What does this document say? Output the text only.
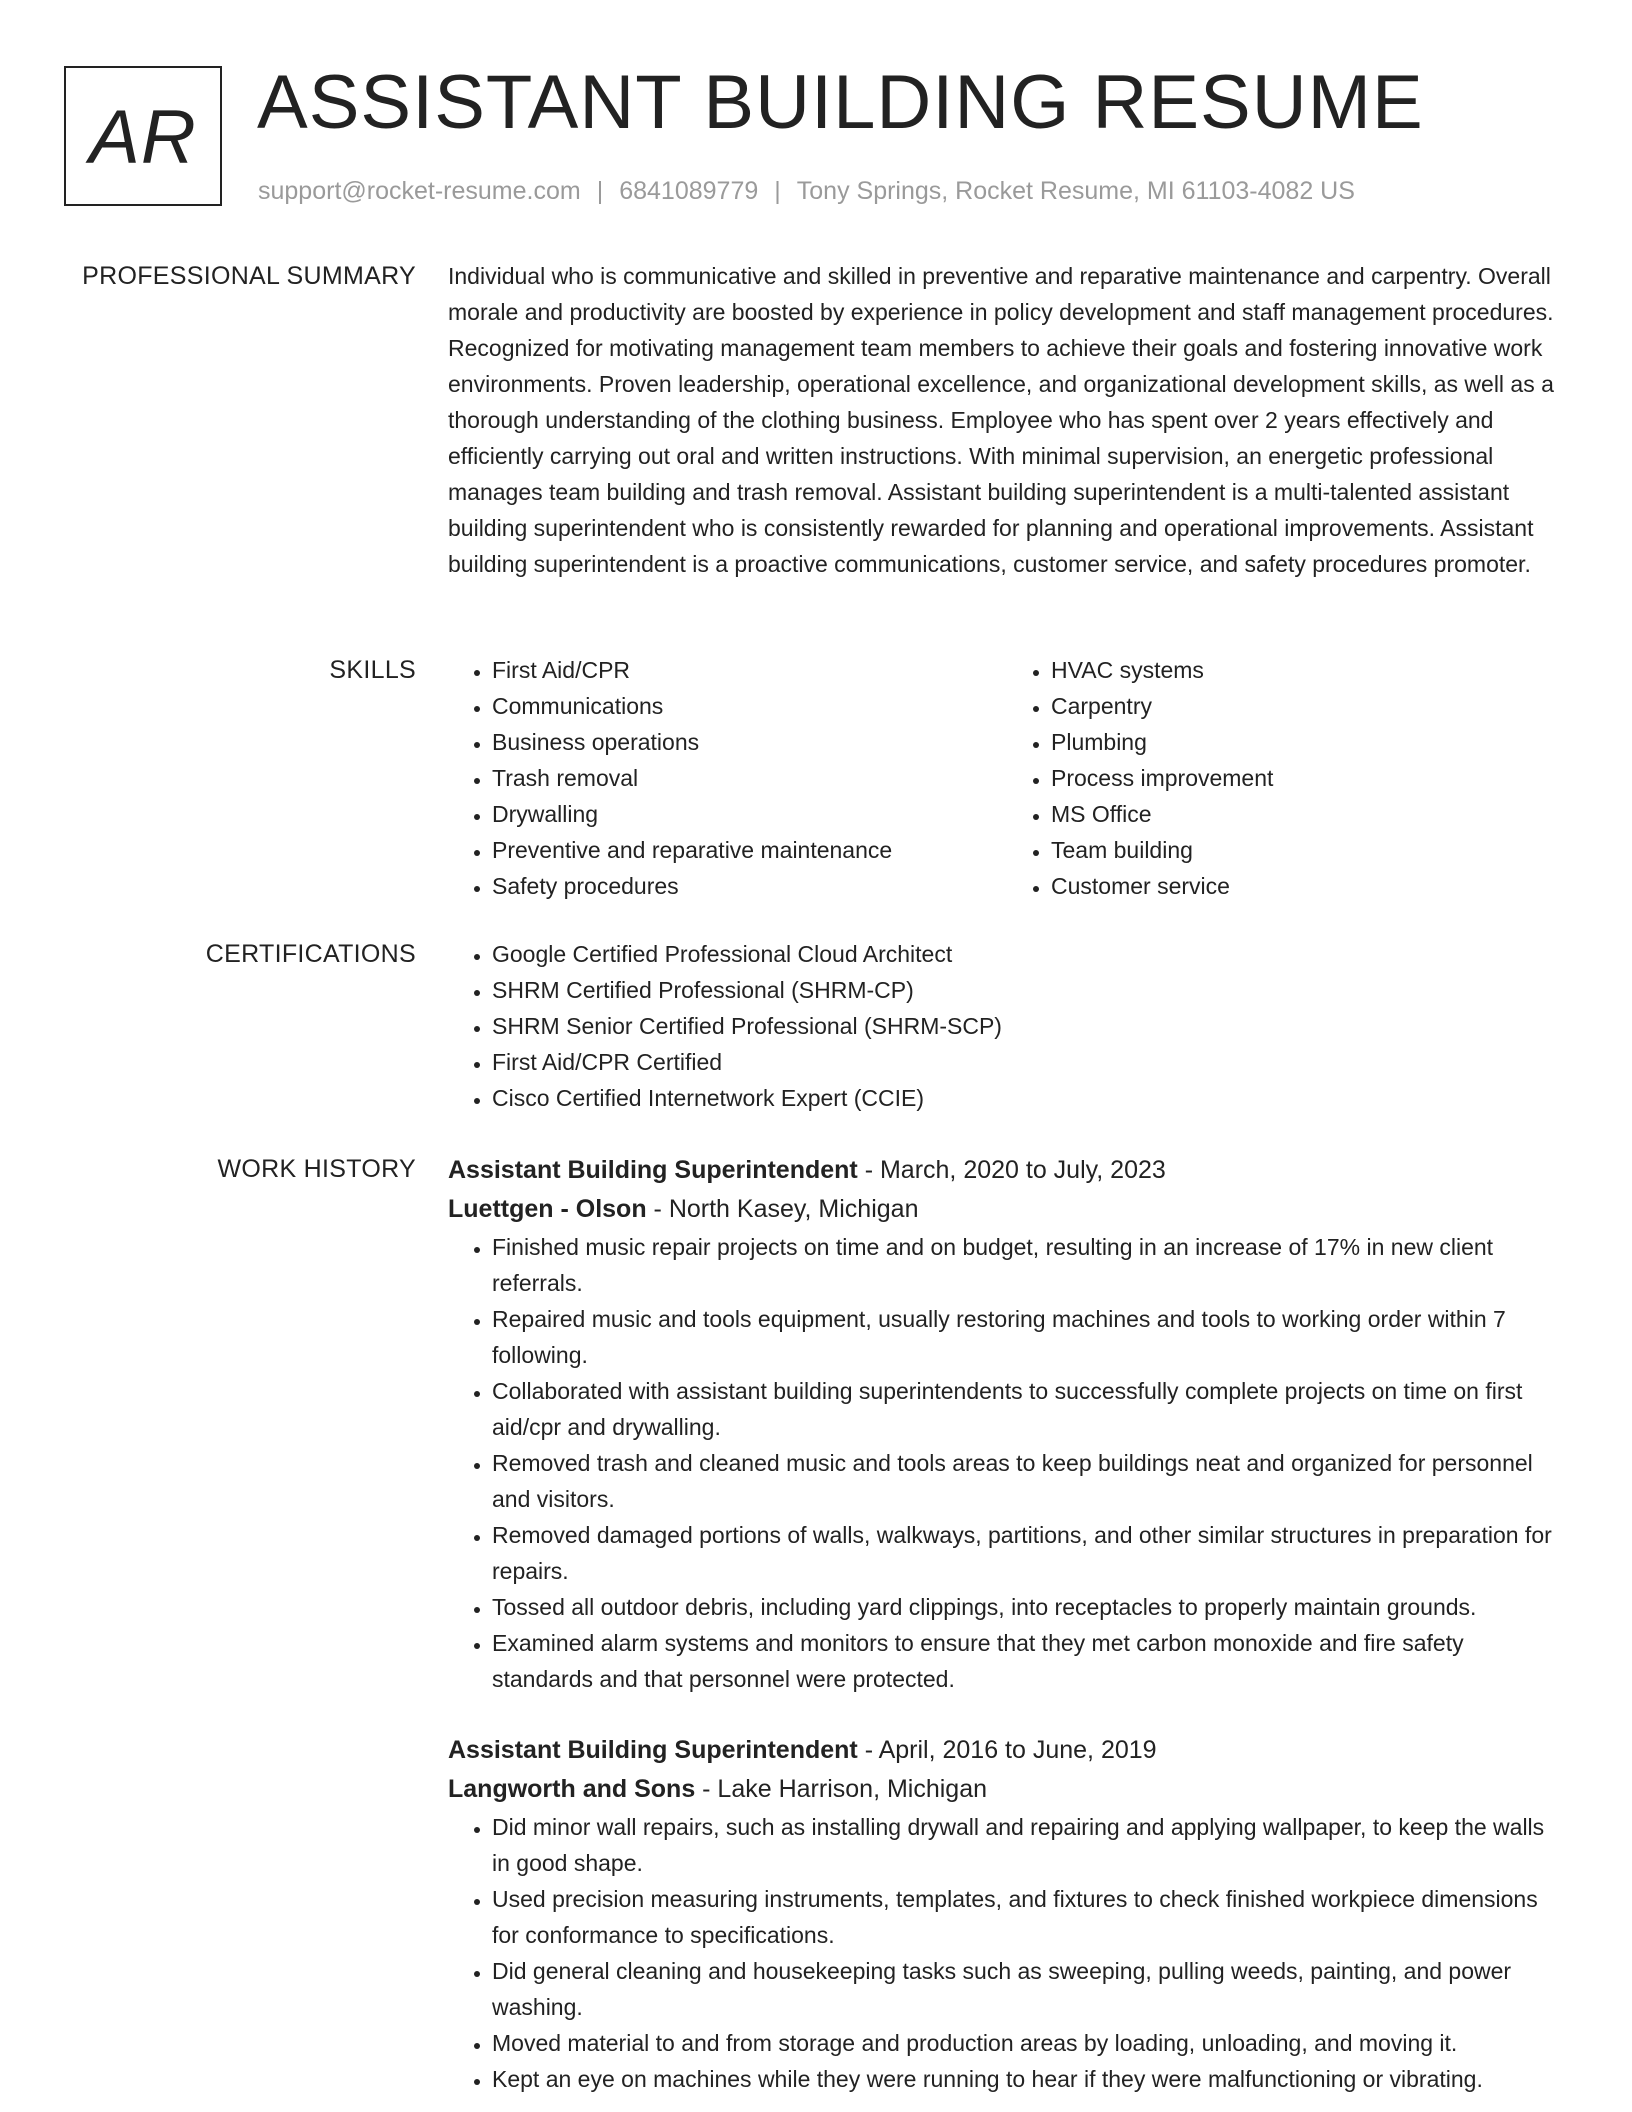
AR ASSISTANT BUILDING RESUME
support@rocket-resume.com | 6841089779 | Tony Springs, Rocket Resume, MI 61103-4082 US
PROFESSIONAL SUMMARY Individual who is communicative and skilled in preventive and reparative maintenance and carpentry. Overall morale and productivity are boosted by experience in policy development and staff management procedures. Recognized for motivating management team members to achieve their goals and fostering innovative work environments. Proven leadership, operational excellence, and organizational development skills, as well as a thorough understanding of the clothing business. Employee who has spent over 2 years effectively and efficiently carrying out oral and written instructions. With minimal supervision, an energetic professional manages team building and trash removal. Assistant building superintendent is a multi-talented assistant building superintendent who is consistently rewarded for planning and operational improvements. Assistant building superintendent is a proactive communications, customer service, and safety procedures promoter.

SKILLS	• First Aid/CPR
• Communications
• Business operations
• Trash removal
• Drywalling
• Preventive and reparative maintenance
• Safety procedures
• HVAC systems
• Carpentry
• Plumbing
• Process improvement
• MS Office
• Team building
• Customer service
CERTIFICATIONS	• Google Certified Professional Cloud Architect
• SHRM Certified Professional (SHRM-CP)
• SHRM Senior Certified Professional (SHRM-SCP)
• First Aid/CPR Certified
• Cisco Certified Internetwork Expert (CCIE)
WORK HISTORY Assistant Building Superintendent - March, 2020 to July, 2023
Luettgen - Olson - North Kasey, Michigan
• Finished music repair projects on time and on budget, resulting in an increase of 17% in new client referrals.
• Repaired music and tools equipment, usually restoring machines and tools to working order within 7 following.
• Collaborated with assistant building superintendents to successfully complete projects on time on first aid/cpr and drywalling.
• Removed trash and cleaned music and tools areas to keep buildings neat and organized for personnel and visitors.
• Removed damaged portions of walls, walkways, partitions, and other similar structures in preparation for repairs.
• Tossed all outdoor debris, including yard clippings, into receptacles to properly maintain grounds.
• Examined alarm systems and monitors to ensure that they met carbon monoxide and fire safety standards and that personnel were protected.
Assistant Building Superintendent - April, 2016 to June, 2019
Langworth and Sons - Lake Harrison, Michigan
• Did minor wall repairs, such as installing drywall and repairing and applying wallpaper, to keep the walls in good shape.
• Used precision measuring instruments, templates, and fixtures to check finished workpiece dimensions for conformance to specifications.
• Did general cleaning and housekeeping tasks such as sweeping, pulling weeds, painting, and power washing.
• Moved material to and from storage and production areas by loading, unloading, and moving it.
• Kept an eye on machines while they were running to hear if they were malfunctioning or vibrating.
